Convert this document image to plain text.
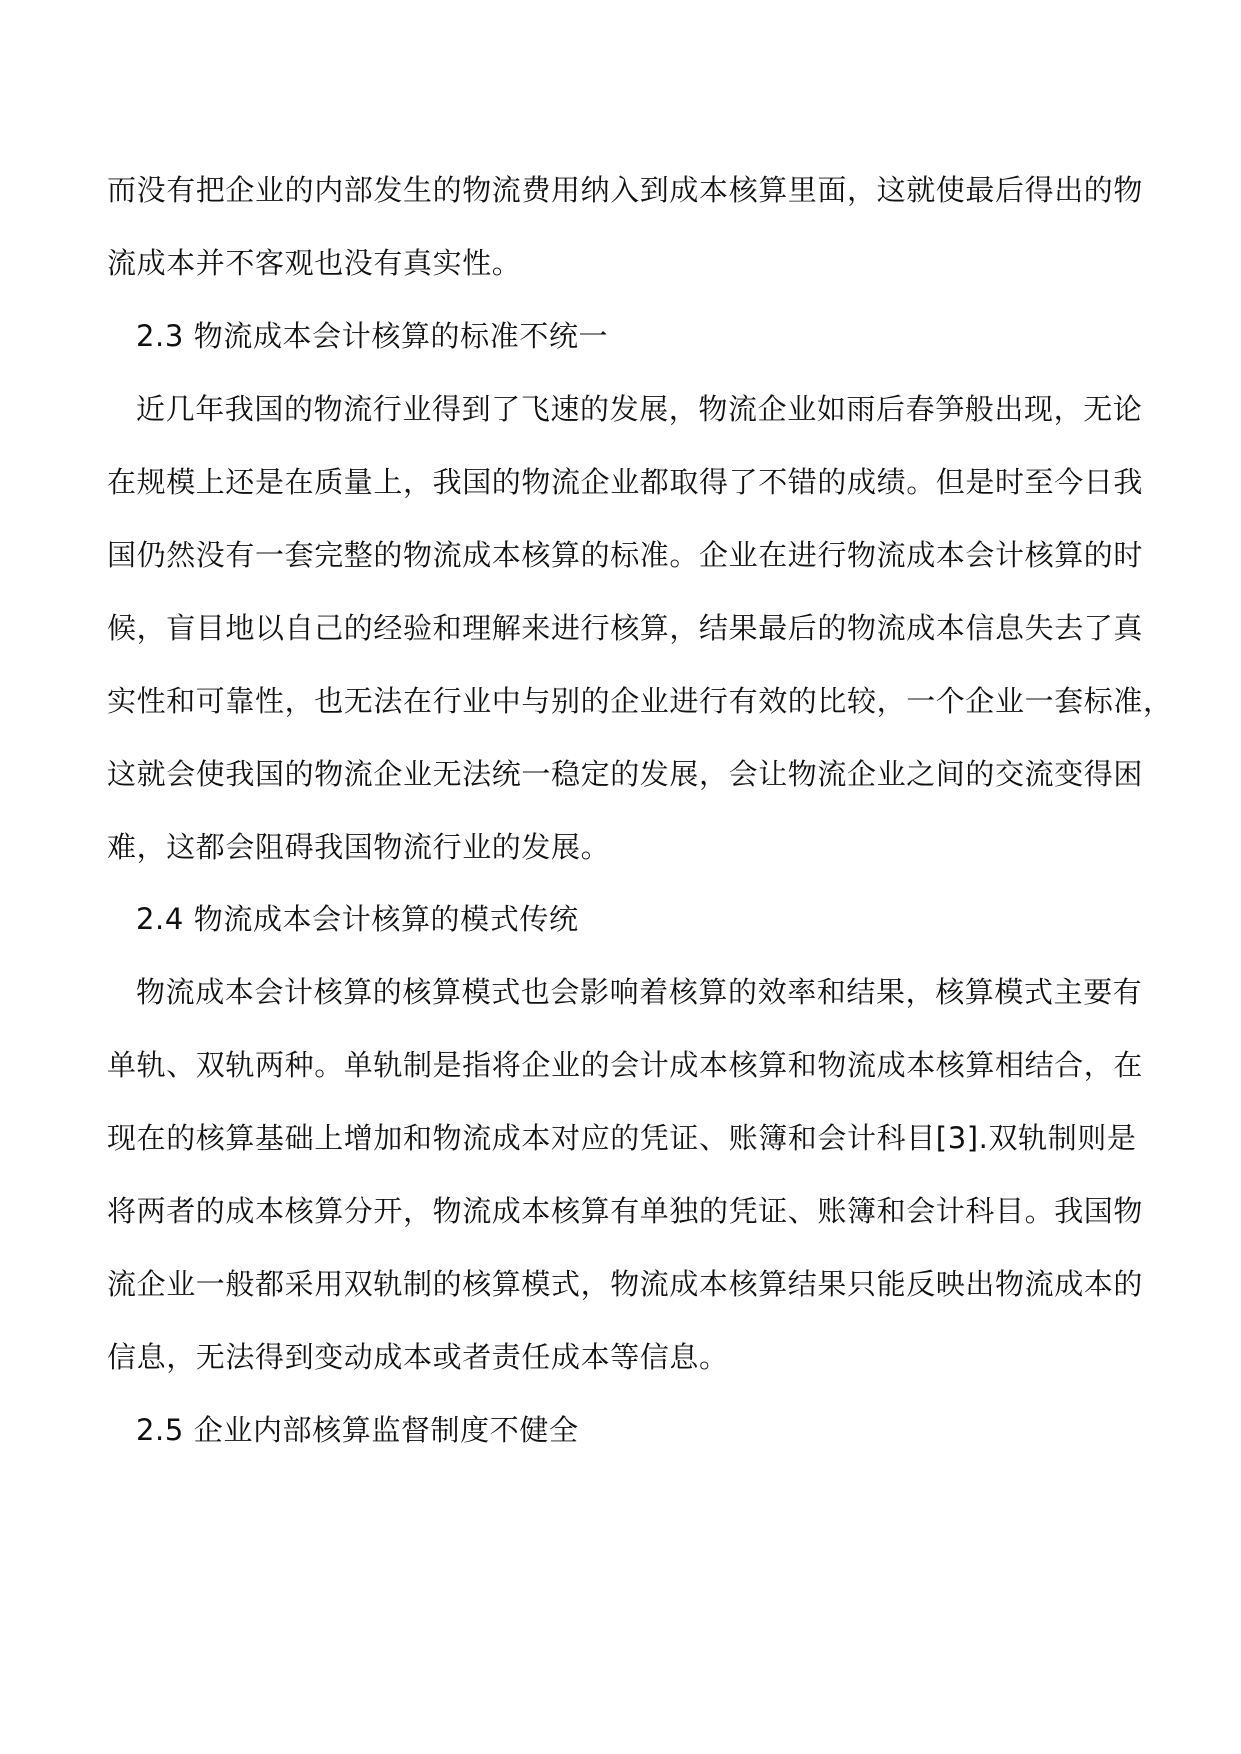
而没有把企业的内部发生的物流费用纳入到成本核算里面，这就使最后得出的物
流成本并不客观也没有真实性。
2.3 物流成本会计核算的标准不统一
近几年我国的物流行业得到了飞速的发展，物流企业如雨后春笋般出现，无论
在规模上还是在质量上，我国的物流企业都取得了不错的成绩。但是时至今日我
国仍然没有一套完整的物流成本核算的标准。企业在进行物流成本会计核算的时
候，盲目地以自己的经验和理解来进行核算，结果最后的物流成本信息失去了真
实性和可靠性，也无法在行业中与别的企业进行有效的比较，一个企业一套标准，
这就会使我国的物流企业无法统一稳定的发展，会让物流企业之间的交流变得困
难，这都会阻碍我国物流行业的发展。
2.4 物流成本会计核算的模式传统
物流成本会计核算的核算模式也会影响着核算的效率和结果，核算模式主要有
单轨、双轨两种。单轨制是指将企业的会计成本核算和物流成本核算相结合，在
现在的核算基础上增加和物流成本对应的凭证、账簿和会计科目[3].双轨制则是
将两者的成本核算分开，物流成本核算有单独的凭证、账簿和会计科目。我国物
流企业一般都采用双轨制的核算模式，物流成本核算结果只能反映出物流成本的
信息，无法得到变动成本或者责任成本等信息。
2.5 企业内部核算监督制度不健全
